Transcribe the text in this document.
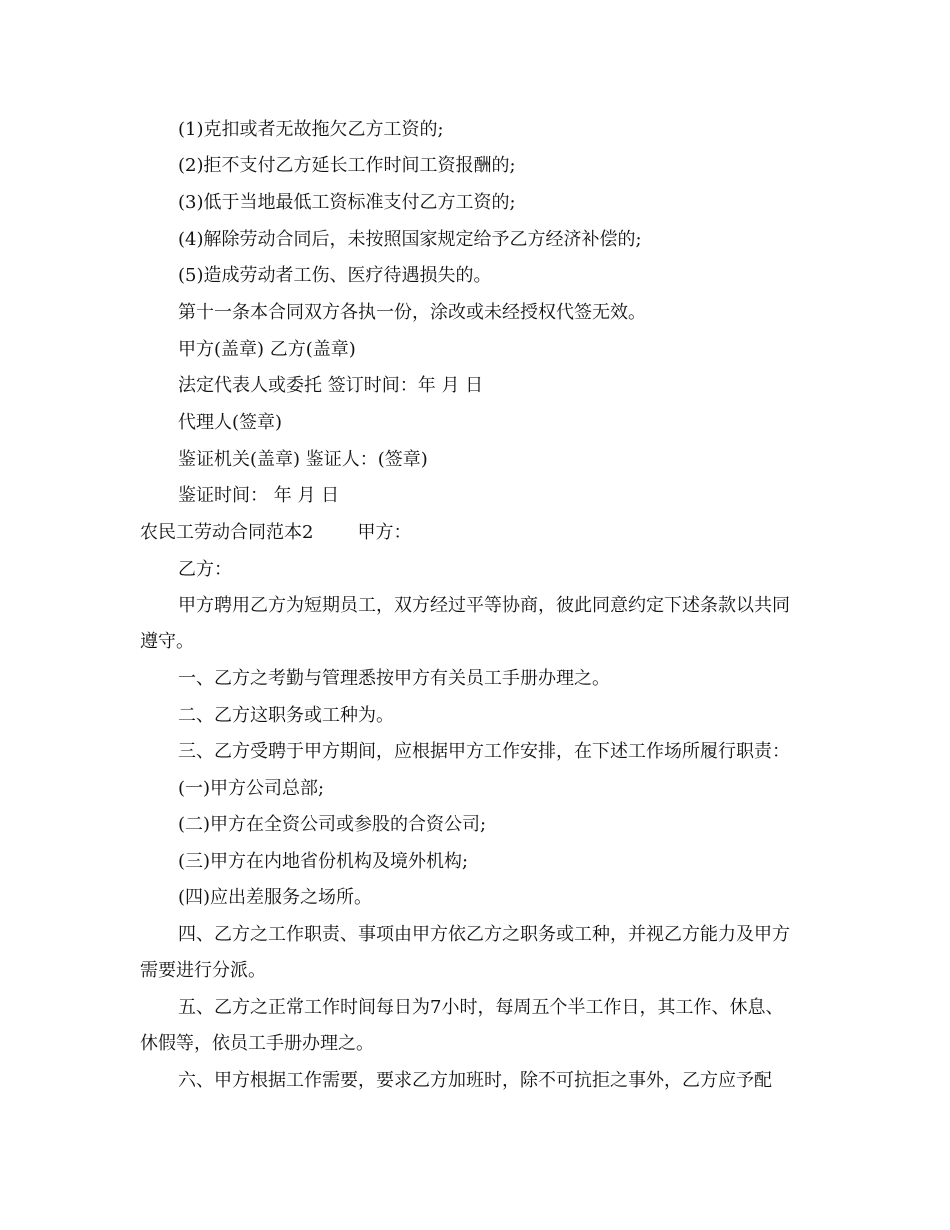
(1)克扣或者无故拖欠乙方工资的;
(2)拒不支付乙方延长工作时间工资报酬的;
(3)低于当地最低工资标准支付乙方工资的;
(4)解除劳动合同后，未按照国家规定给予乙方经济补偿的;
(5)造成劳动者工伤、医疗待遇损失的。
第十一条本合同双方各执一份，涂改或未经授权代签无效。
甲方(盖章) 乙方(盖章)
法定代表人或委托 签订时间：年 月 日
代理人(签章)
鉴证机关(盖章) 鉴证人：(签章)
鉴证时间： 年 月 日
农民工劳动合同范本2 甲方：
乙方：
甲方聘用乙方为短期员工，双方经过平等协商，彼此同意约定下述条款以共同
遵守。
一、乙方之考勤与管理悉按甲方有关员工手册办理之。
二、乙方这职务或工种为。
三、乙方受聘于甲方期间，应根据甲方工作安排，在下述工作场所履行职责：
(一)甲方公司总部;
(二)甲方在全资公司或参股的合资公司;
(三)甲方在内地省份机构及境外机构;
(四)应出差服务之场所。
四、乙方之工作职责、事项由甲方依乙方之职务或工种，并视乙方能力及甲方
需要进行分派。
五、乙方之正常工作时间每日为7小时，每周五个半工作日，其工作、休息、
休假等，依员工手册办理之。
六、甲方根据工作需要，要求乙方加班时，除不可抗拒之事外，乙方应予配
